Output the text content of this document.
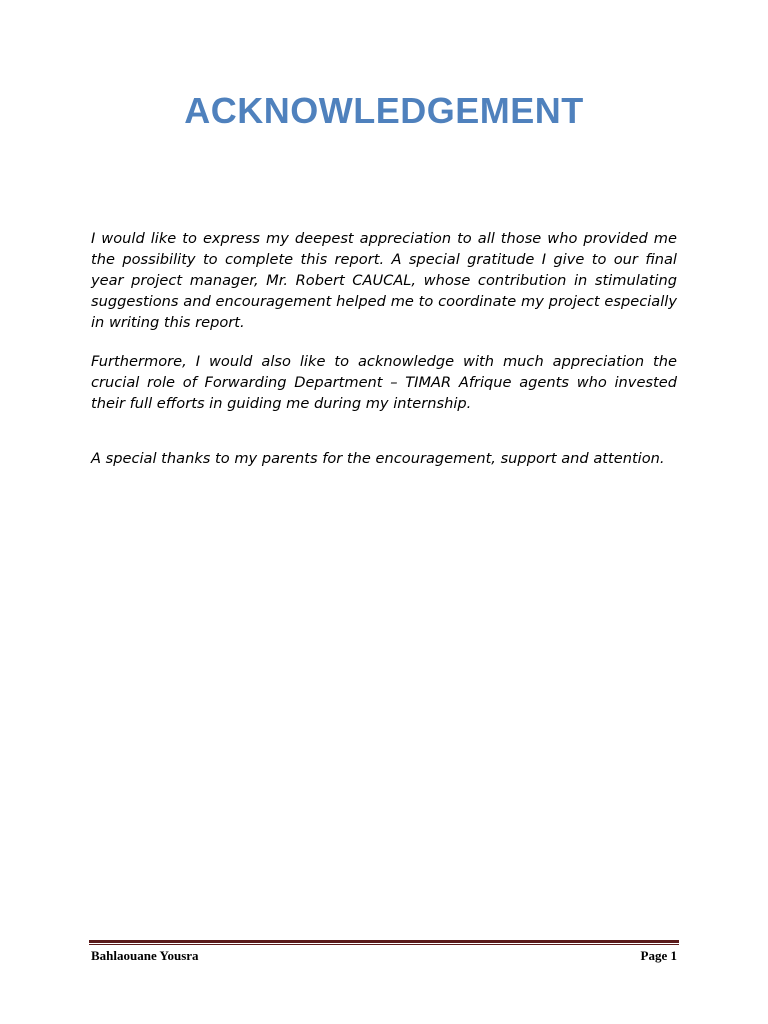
ACKNOWLEDGEMENT

I would like to express my deepest appreciation to all those who provided me the possibility to complete this report. A special gratitude I give to our final year project manager, Mr. Robert CAUCAL, whose contribution in stimulating suggestions and encouragement helped me to coordinate my project especially in writing this report.

Furthermore, I would also like to acknowledge with much appreciation the crucial role of Forwarding Department – TIMAR Afrique agents who invested their full efforts in guiding me during my internship.

A special thanks to my parents for the encouragement, support and attention.

Bahlaouane Yousra	Page 1
